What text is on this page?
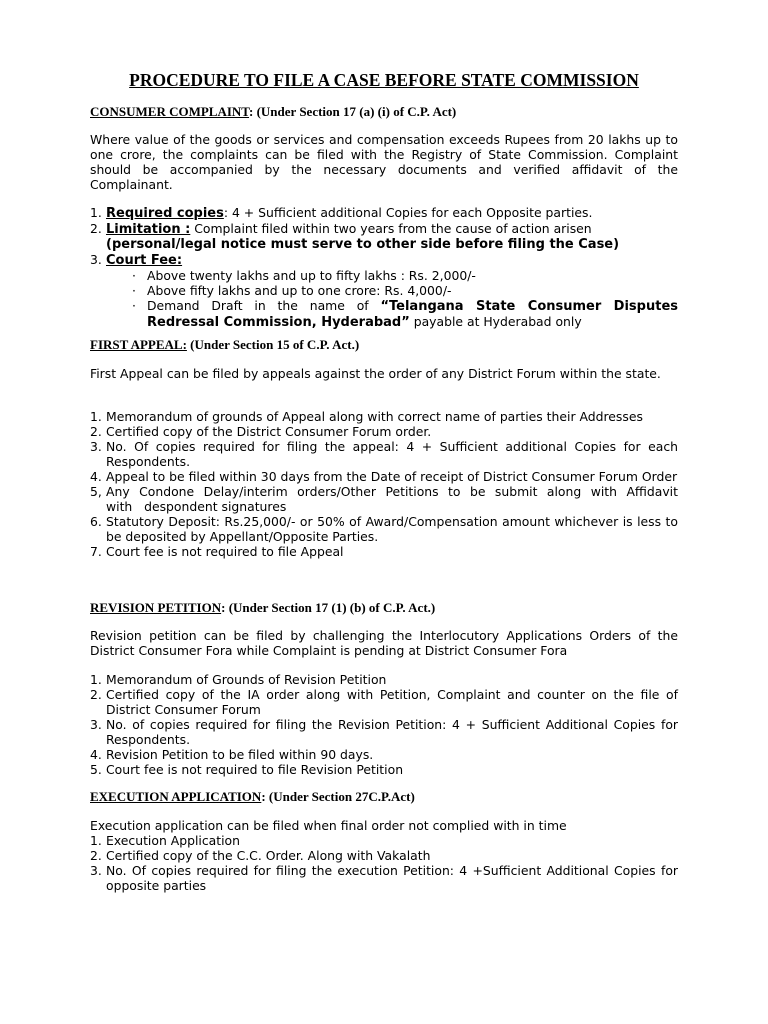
PROCEDURE TO FILE A CASE BEFORE STATE COMMISSION
CONSUMER COMPLAINT: (Under Section 17 (a) (i) of C.P. Act)
Where value of the goods or services and compensation exceeds Rupees from 20 lakhs up to one crore, the complaints can be filed with the Registry of State Commission. Complaint should be accompanied by the necessary documents and verified affidavit of the Complainant.
1. Required copies: 4 + Sufficient additional Copies for each Opposite parties.
2. Limitation : Complaint filed within two years from the cause of action arisen
(personal/legal notice must serve to other side before filing the Case)
3. Court Fee:
· Above twenty lakhs and up to fifty lakhs : Rs. 2,000/-
· Above fifty lakhs and up to one crore: Rs. 4,000/-
· Demand Draft in the name of “Telangana State Consumer Disputes Redressal Commission, Hyderabad” payable at Hyderabad only
FIRST APPEAL: (Under Section 15 of C.P. Act.)
First Appeal can be filed by appeals against the order of any District Forum within the state.
1. Memorandum of grounds of Appeal along with correct name of parties their Addresses
2. Certified copy of the District Consumer Forum order.
3. No. Of copies required for filing the appeal: 4 + Sufficient additional Copies for each Respondents.
4. Appeal to be filed within 30 days from the Date of receipt of District Consumer Forum Order
5, Any Condone Delay/interim orders/Other Petitions to be submit along with Affidavit with   despondent signatures
6. Statutory Deposit: Rs.25,000/- or 50% of Award/Compensation amount whichever is less to be deposited by Appellant/Opposite Parties.
7. Court fee is not required to file Appeal
REVISION PETITION: (Under Section 17 (1) (b) of C.P. Act.)
Revision petition can be filed by challenging the Interlocutory Applications Orders of the District Consumer Fora while Complaint is pending at District Consumer Fora
1. Memorandum of Grounds of Revision Petition
2. Certified copy of the IA order along with Petition, Complaint and counter on the file of District Consumer Forum
3. No. of copies required for filing the Revision Petition: 4 + Sufficient Additional Copies for Respondents.
4. Revision Petition to be filed within 90 days.
5. Court fee is not required to file Revision Petition
EXECUTION APPLICATION: (Under Section 27C.P.Act)
Execution application can be filed when final order not complied with in time
1. Execution Application
2. Certified copy of the C.C. Order. Along with Vakalath
3. No. Of copies required for filing the execution Petition: 4 +Sufficient Additional Copies for opposite parties
